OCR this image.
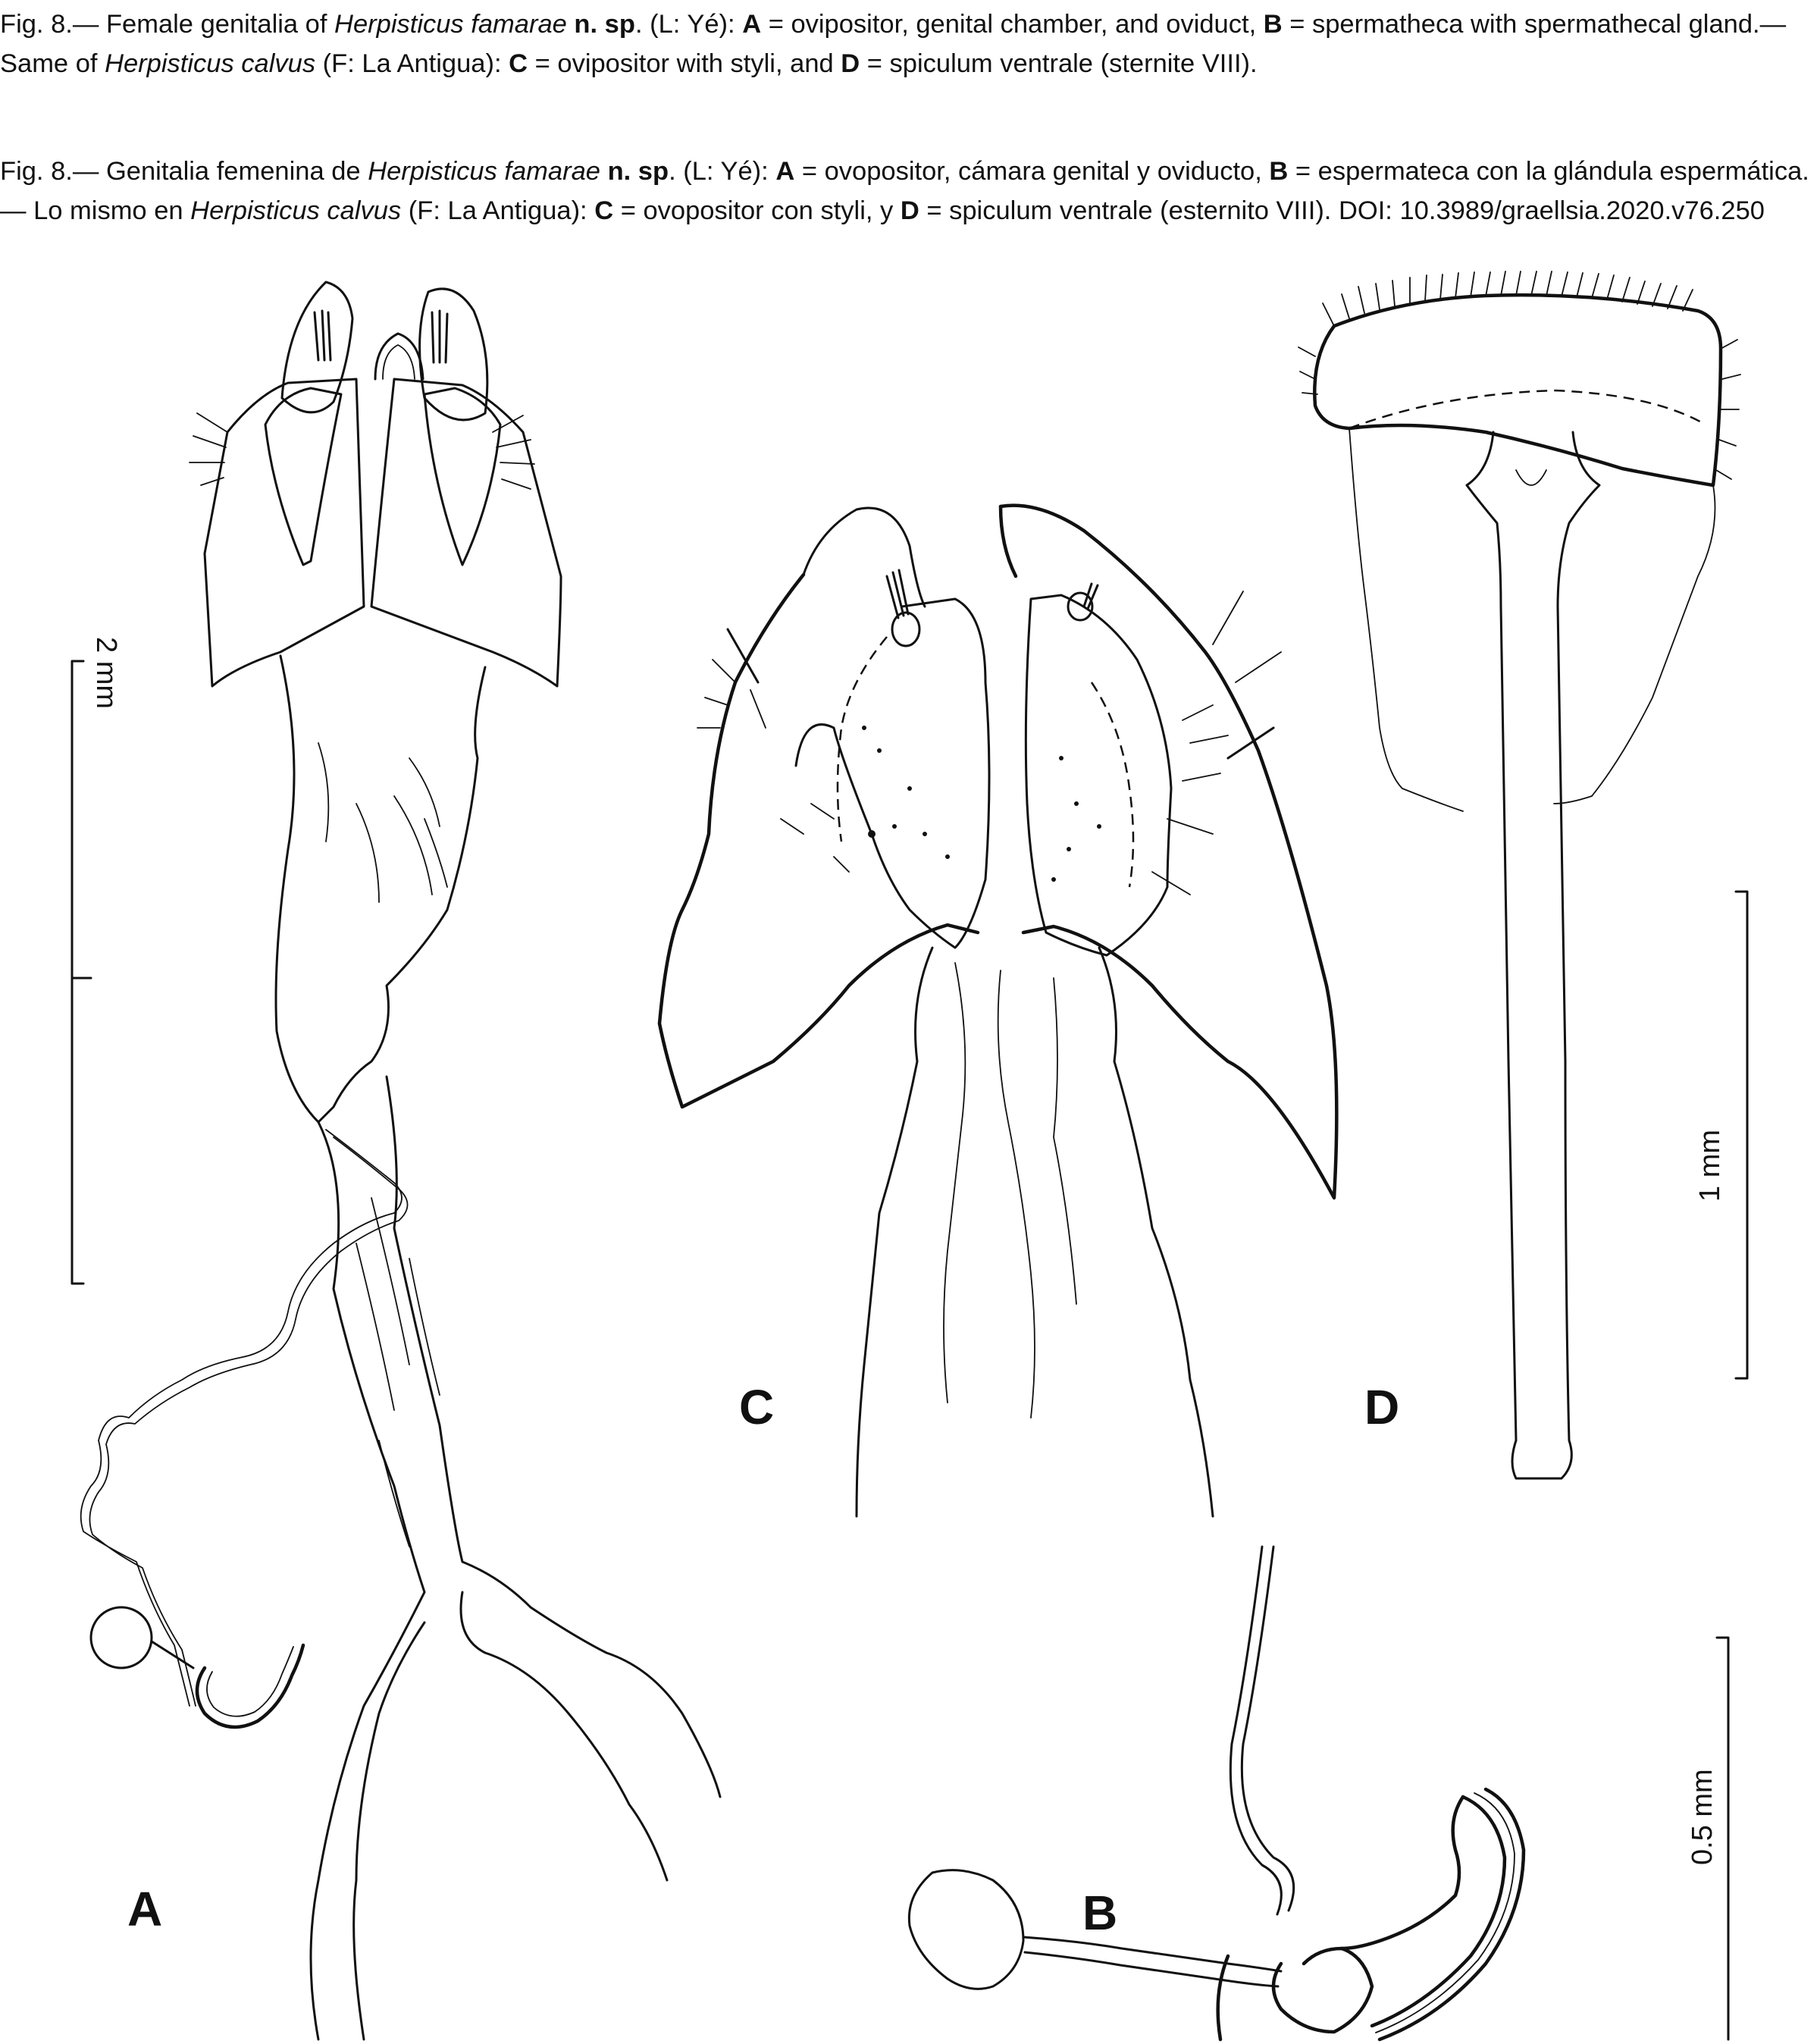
Fig. 8.— Female genitalia of Herpisticus famarae n. sp. (L: Yé): A = ovipositor, genital chamber, and oviduct, B = spermatheca with spermathecal gland.— Same of Herpisticus calvus (F: La Antigua): C = ovipositor with styli, and D = spiculum ventrale (sternite VIII).
Fig. 8.— Genitalia femenina de Herpisticus famarae n. sp. (L: Yé): A = ovopositor, cámara genital y oviducto, B = espermateca con la glándula espermática.— Lo mismo en Herpisticus calvus (F: La Antigua): C = ovopositor con styli, y D = spiculum ventrale (esternito VIII). DOI: 10.3989/graellsia.2020.v76.250
2 mm
1 mm
0.5 mm
A	B
C	D
